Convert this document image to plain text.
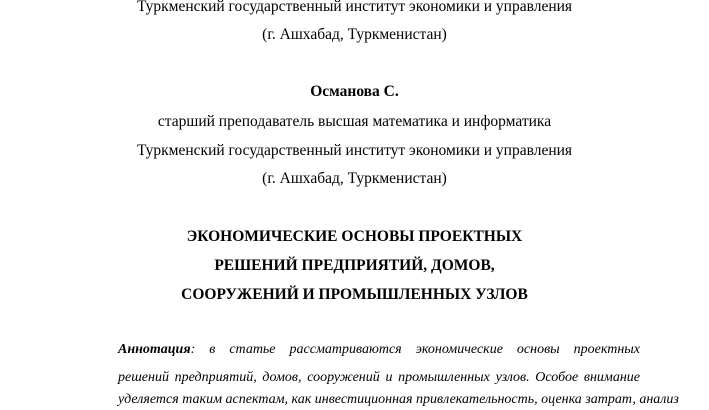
Туркменский государственный институт экономики и управления
(г. Ашхабад, Туркменистан)
Османова С.
старший преподаватель высшая математика и информатика
Туркменский государственный институт экономики и управления
(г. Ашхабад, Туркменистан)
ЭКОНОМИЧЕСКИЕ ОСНОВЫ ПРОЕКТНЫХ
РЕШЕНИЙ ПРЕДПРИЯТИЙ, ДОМОВ,
СООРУЖЕНИЙ И ПРОМЫШЛЕННЫХ УЗЛОВ
Аннотация: в статье рассматриваются экономические основы проектных
решений предприятий, домов, сооружений и промышленных узлов. Особое внимание
уделяется таким аспектам, как инвестиционная привлекательность, оценка затрат, анализ
